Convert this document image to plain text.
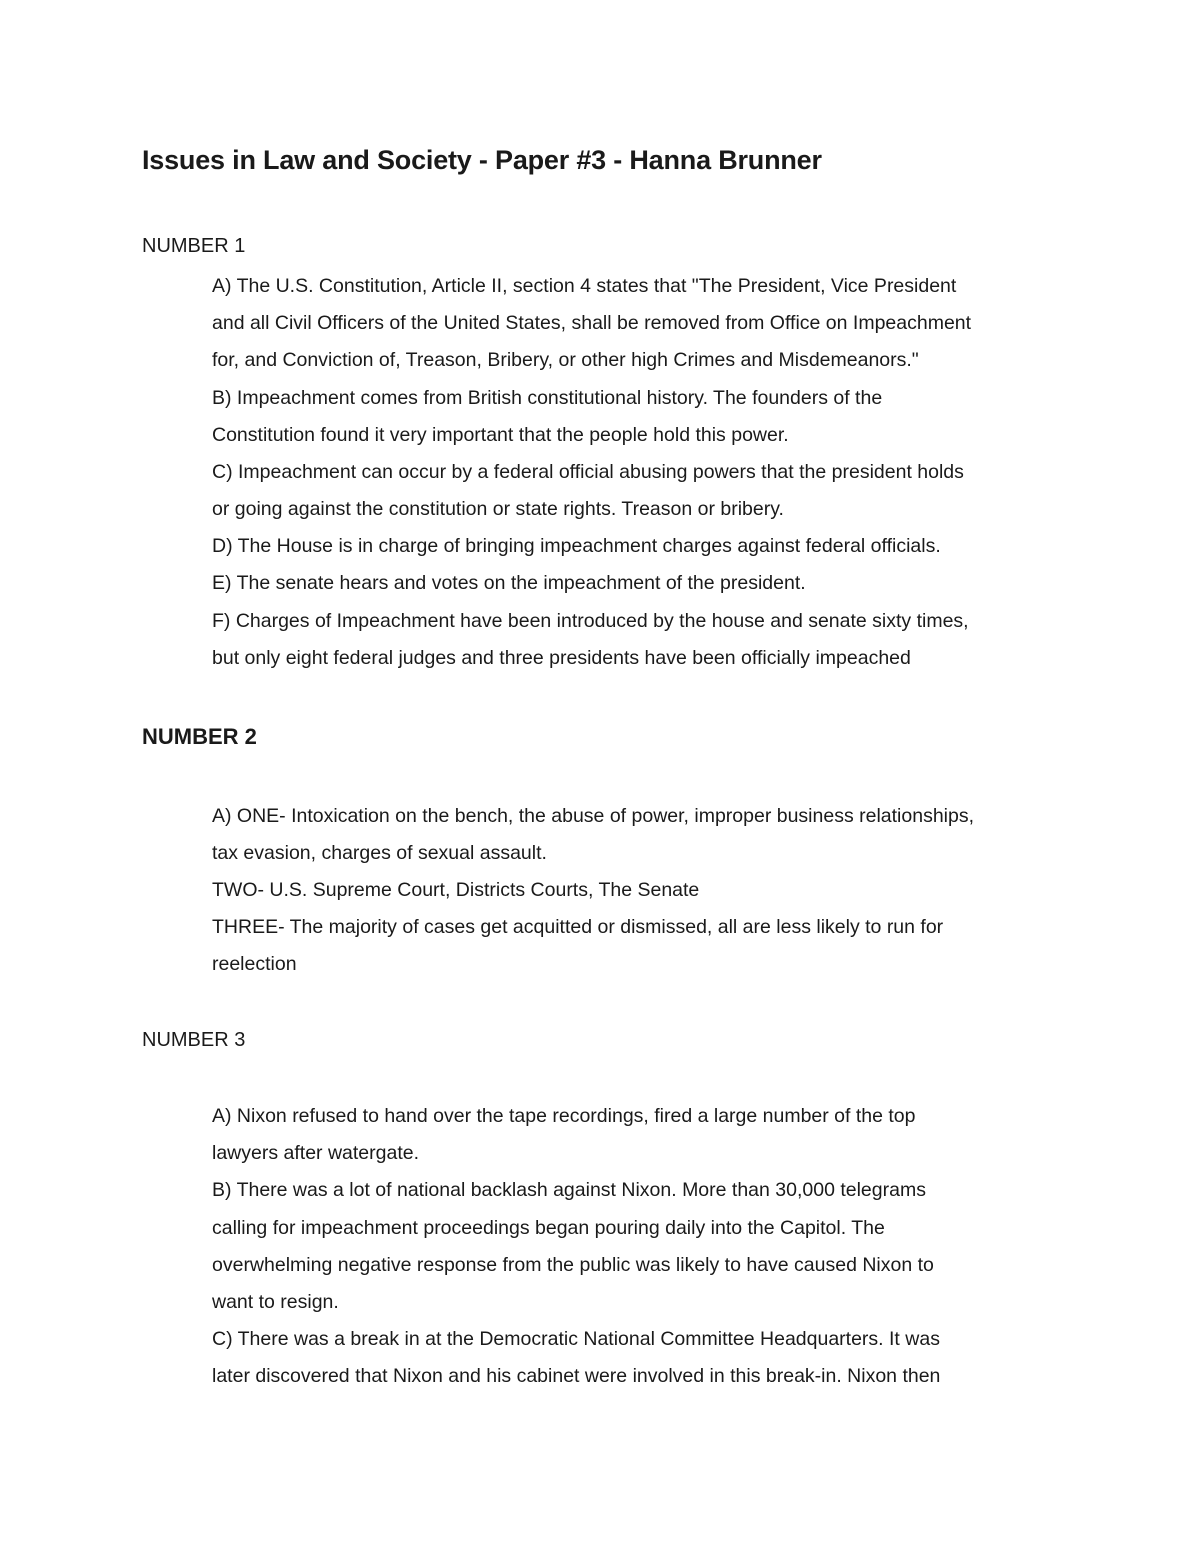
Issues in Law and Society - Paper #3 - Hanna Brunner

NUMBER 1

A) The U.S. Constitution, Article II, section 4 states that "The President, Vice President

and all Civil Officers of the United States, shall be removed from Office on Impeachment

for, and Conviction of, Treason, Bribery, or other high Crimes and Misdemeanors."

B) Impeachment comes from British constitutional history. The founders of the

Constitution found it very important that the people hold this power.

C) Impeachment can occur by a federal official abusing powers that the president holds

or going against the constitution or state rights. Treason or bribery.

D) The House is in charge of bringing impeachment charges against federal officials.

E) The senate hears and votes on the impeachment of the president.

F) Charges of Impeachment have been introduced by the house and senate sixty times,

but only eight federal judges and three presidents have been officially impeached

NUMBER 2

A) ONE- Intoxication on the bench, the abuse of power, improper business relationships,

tax evasion, charges of sexual assault.

TWO- U.S. Supreme Court, Districts Courts, The Senate

THREE- The majority of cases get acquitted or dismissed, all are less likely to run for

reelection

NUMBER 3

A) Nixon refused to hand over the tape recordings, fired a large number of the top

lawyers after watergate.

B) There was a lot of national backlash against Nixon. More than 30,000 telegrams

calling for impeachment proceedings began pouring daily into the Capitol. The

overwhelming negative response from the public was likely to have caused Nixon to

want to resign.

C) There was a break in at the Democratic National Committee Headquarters. It was

later discovered that Nixon and his cabinet were involved in this break-in. Nixon then
